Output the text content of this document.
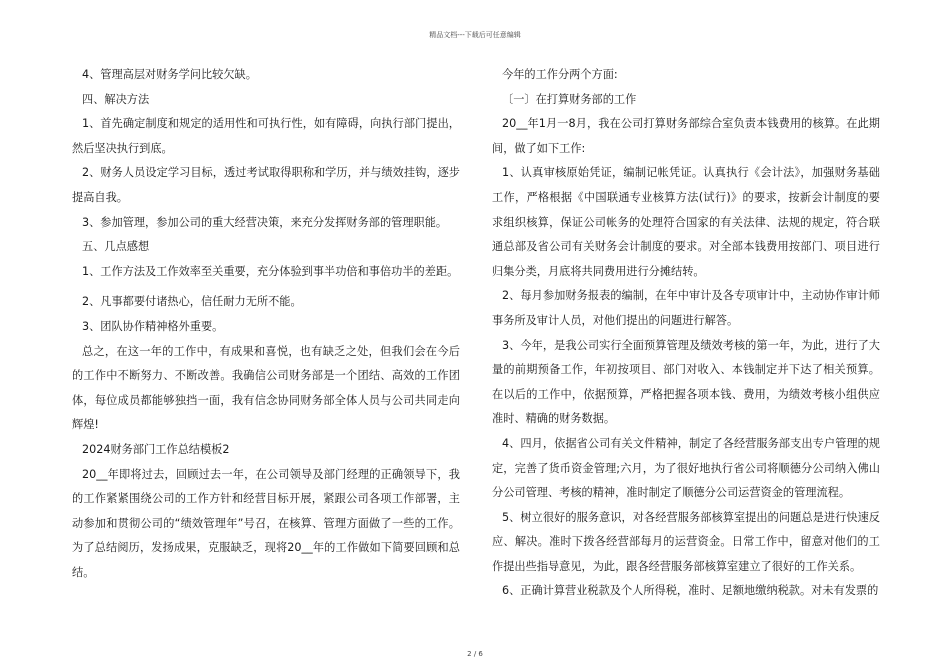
精品文档---下载后可任意编辑

4、管理高层对财务学问比较欠缺。

四、解决方法

1、首先确定制度和规定的适用性和可执行性，如有障碍，向执行部门提出，然后坚决执行到底。

2、财务人员设定学习目标，透过考试取得职称和学历，并与绩效挂钩，逐步提高自我。

3、参加管理，参加公司的重大经营决策，来充分发挥财务部的管理职能。

五、几点感想

1、工作方法及工作效率至关重要，充分体验到事半功倍和事倍功半的差距。

2、凡事都要付诸热心，信任耐力无所不能。

3、团队协作精神格外重要。

总之，在这一年的工作中，有成果和喜悦，也有缺乏之处，但我们会在今后的工作中不断努力、不断改善。我确信公司财务部是一个团结、高效的工作团体，每位成员都能够独挡一面，我有信念协同财务部全体人员与公司共同走向辉煌!

2024财务部门工作总结模板2

20__年即将过去，回顾过去一年，在公司领导及部门经理的正确领导下，我的工作紧紧围绕公司的工作方针和经营目标开展，紧跟公司各项工作部署，主动参加和贯彻公司的“绩效管理年”号召，在核算、管理方面做了一些的工作。为了总结阅历，发扬成果，克服缺乏，现将20__年的工作做如下简要回顾和总结。

今年的工作分两个方面:

〔一〕在打算财务部的工作

20__年1月一8月，我在公司打算财务部综合室负责本钱费用的核算。在此期间，做了如下工作:

1、认真审核原始凭证，编制记帐凭证。认真执行《会计法》，加强财务基础工作，严格根据《中国联通专业核算方法(试行)》的要求，按新会计制度的要求组织核算，保证公司帐务的处理符合国家的有关法律、法规的规定，符合联通总部及省公司有关财务会计制度的要求。对全部本钱费用按部门、项目进行归集分类，月底将共同费用进行分摊结转。

2、每月参加财务报表的编制，在年中审计及各专项审计中，主动协作审计师事务所及审计人员，对他们提出的问题进行解答。

3、今年，是我公司实行全面预算管理及绩效考核的第一年，为此，进行了大量的前期预备工作，年初按项目、部门对收入、本钱制定并下达了相关预算。在以后的工作中，依据预算，严格把握各项本钱、费用，为绩效考核小组供应准时、精确的财务数据。

4、四月，依据省公司有关文件精神，制定了各经营服务部支出专户管理的规定，完善了货币资金管理;六月，为了很好地执行省公司将顺德分公司纳入佛山分公司管理、考核的精神，准时制定了顺德分公司运营资金的管理流程。

5、树立很好的服务意识，对各经营服务部核算室提出的问题总是进行快速反应、解决。准时下拨各经营部每月的运营资金。日常工作中，留意对他们的工作提出些指导意见，为此，跟各经营服务部核算室建立了很好的工作关系。

6、正确计算营业税款及个人所得税，准时、足额地缴纳税款。对未有发票的

2 / 6
